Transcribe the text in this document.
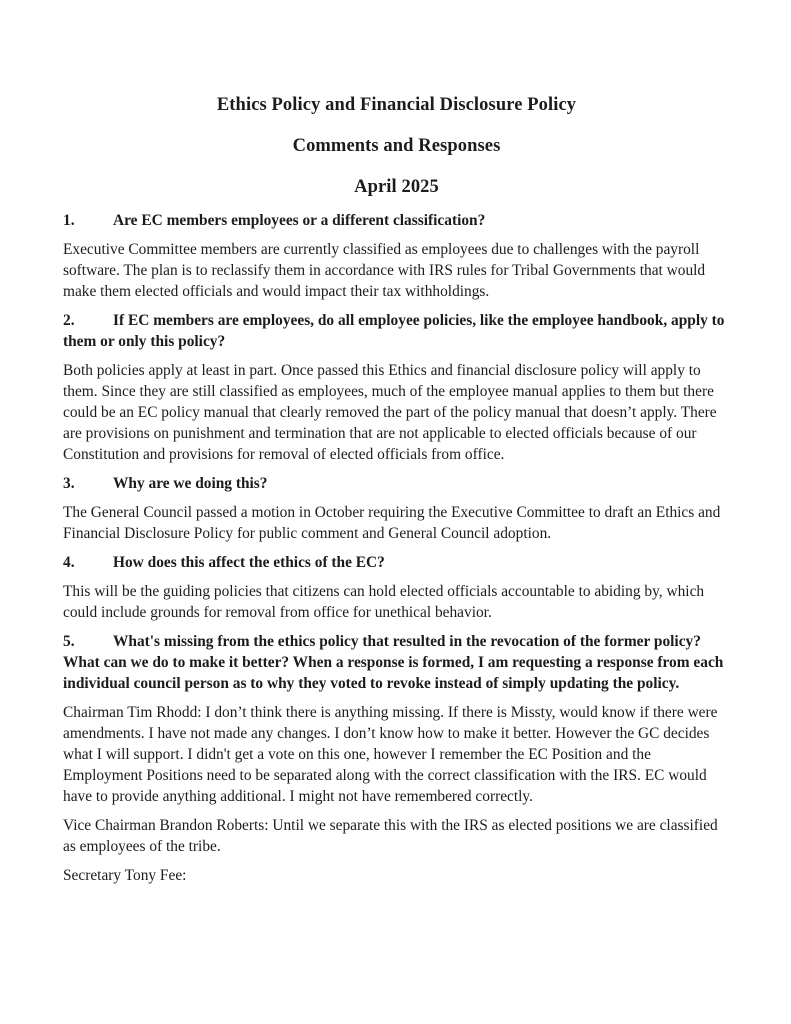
Ethics Policy and Financial Disclosure Policy

Comments and Responses

April 2025

1. Are EC members employees or a different classification?

Executive Committee members are currently classified as employees due to challenges with the payroll software. The plan is to reclassify them in accordance with IRS rules for Tribal Governments that would make them elected officials and would impact their tax withholdings.

2. If EC members are employees, do all employee policies, like the employee handbook, apply to them or only this policy?

Both policies apply at least in part. Once passed this Ethics and financial disclosure policy will apply to them. Since they are still classified as employees, much of the employee manual applies to them but there could be an EC policy manual that clearly removed the part of the policy manual that doesn’t apply. There are provisions on punishment and termination that are not applicable to elected officials because of our Constitution and provisions for removal of elected officials from office.

3. Why are we doing this?

The General Council passed a motion in October requiring the Executive Committee to draft an Ethics and Financial Disclosure Policy for public comment and General Council adoption.

4. How does this affect the ethics of the EC?

This will be the guiding policies that citizens can hold elected officials accountable to abiding by, which could include grounds for removal from office for unethical behavior.

5. What's missing from the ethics policy that resulted in the revocation of the former policy? What can we do to make it better? When a response is formed, I am requesting a response from each individual council person as to why they voted to revoke instead of simply updating the policy.

Chairman Tim Rhodd: I don’t think there is anything missing. If there is Missty, would know if there were amendments. I have not made any changes. I don’t know how to make it better. However the GC decides what I will support. I didn't get a vote on this one, however I remember the EC Position and the Employment Positions need to be separated along with the correct classification with the IRS. EC would have to provide anything additional. I might not have remembered correctly.

Vice Chairman Brandon Roberts: Until we separate this with the IRS as elected positions we are classified as employees of the tribe.

Secretary Tony Fee:
